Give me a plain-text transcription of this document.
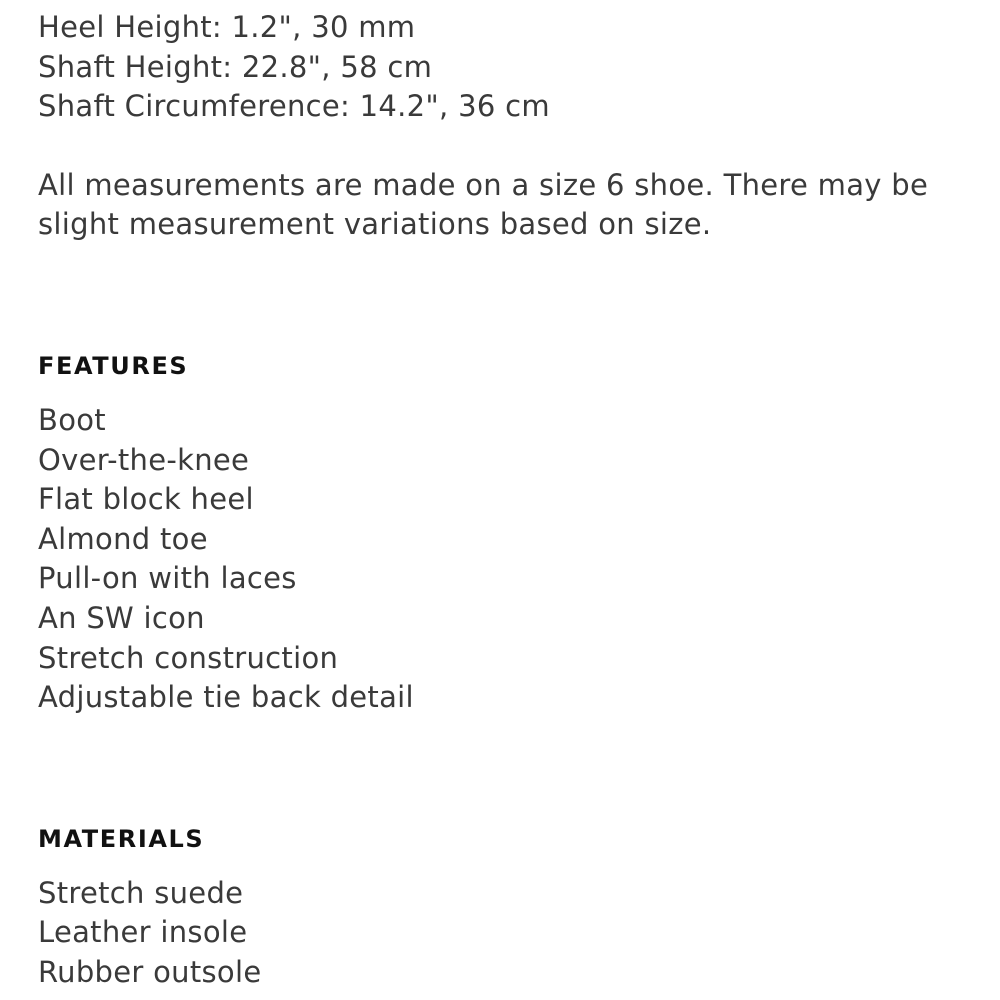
Heel Height: 1.2", 30 mm
Shaft Height: 22.8", 58 cm
Shaft Circumference: 14.2", 36 cm
All measurements are made on a size 6 shoe. There may be
slight measurement variations based on size.
FEATURES
Boot
Over-the-knee
Flat block heel
Almond toe
Pull-on with laces
An SW icon
Stretch construction
Adjustable tie back detail
MATERIALS
Stretch suede
Leather insole
Rubber outsole
